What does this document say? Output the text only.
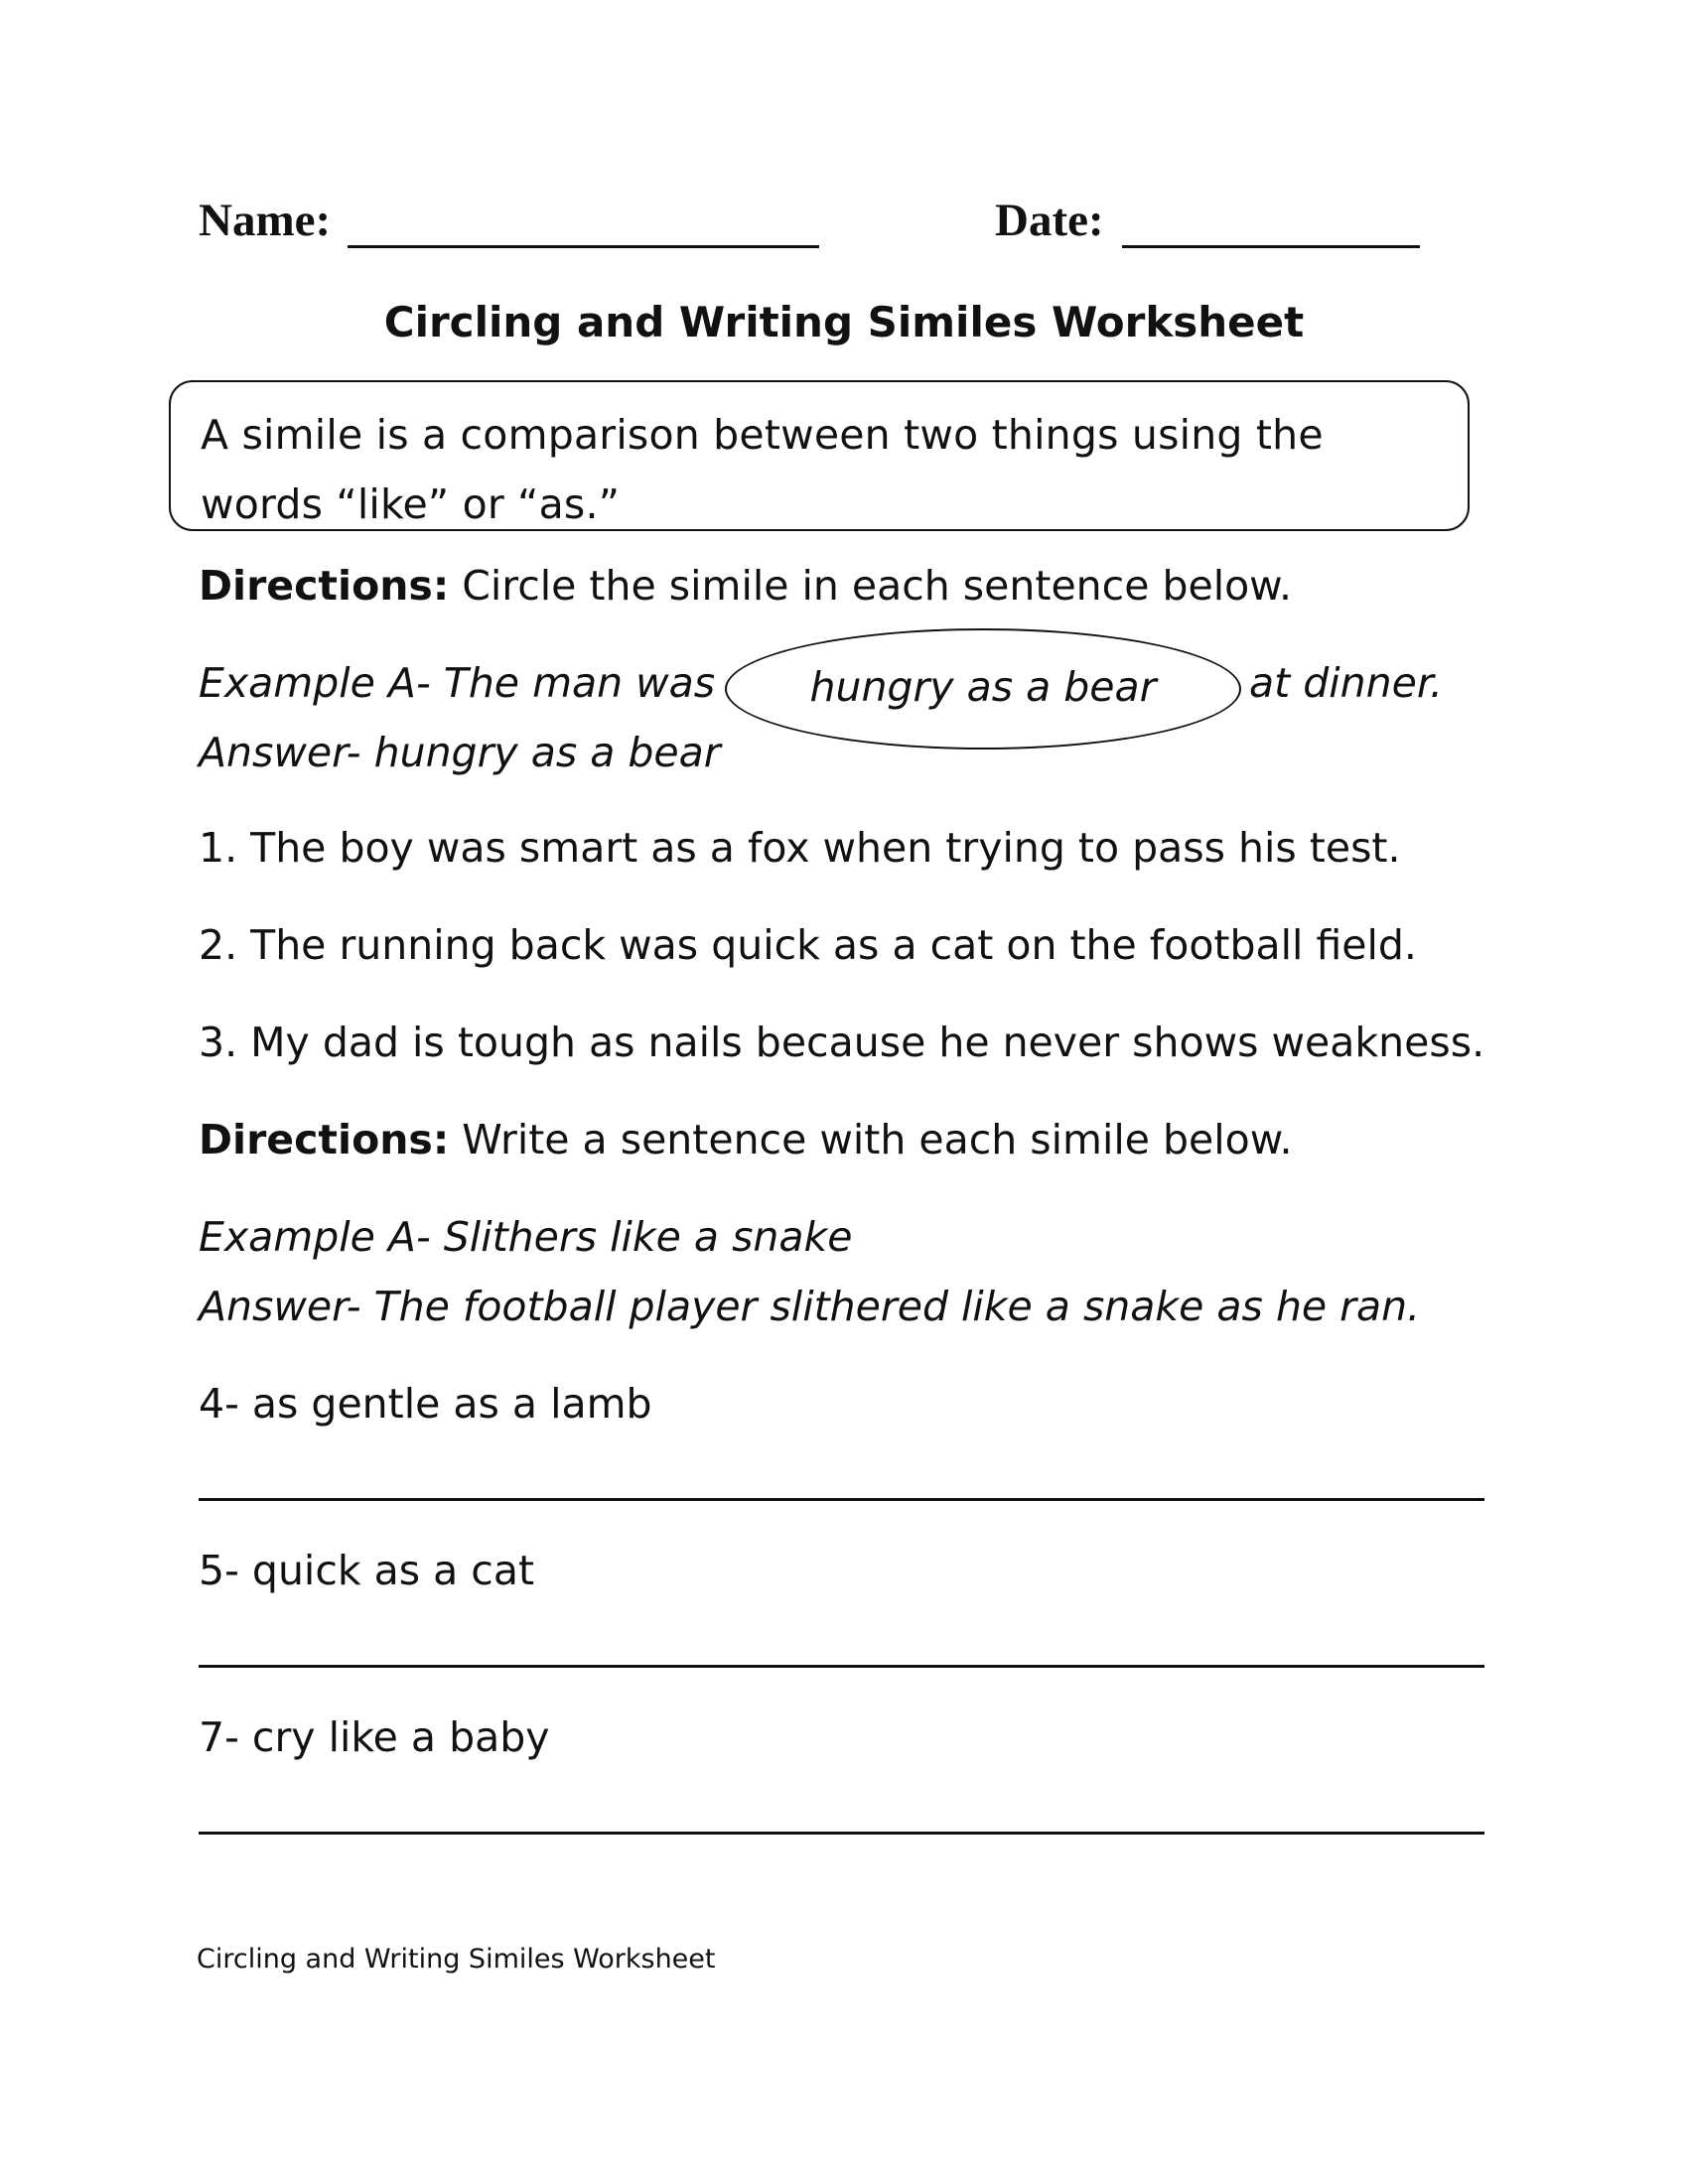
Name:	Date:
Circling and Writing Similes Worksheet
A simile is a comparison between two things using the words “like” or “as.”
Directions: Circle the simile in each sentence below.
Example A- The man was	hungry as a bear	at dinner.
Answer- hungry as a bear
1. The boy was smart as a fox when trying to pass his test.
2. The running back was quick as a cat on the football field.
3. My dad is tough as nails because he never shows weakness.
Directions: Write a sentence with each simile below.
Example A- Slithers like a snake
Answer- The football player slithered like a snake as he ran.
4- as gentle as a lamb
5- quick as a cat
7- cry like a baby
Circling and Writing Similes Worksheet
